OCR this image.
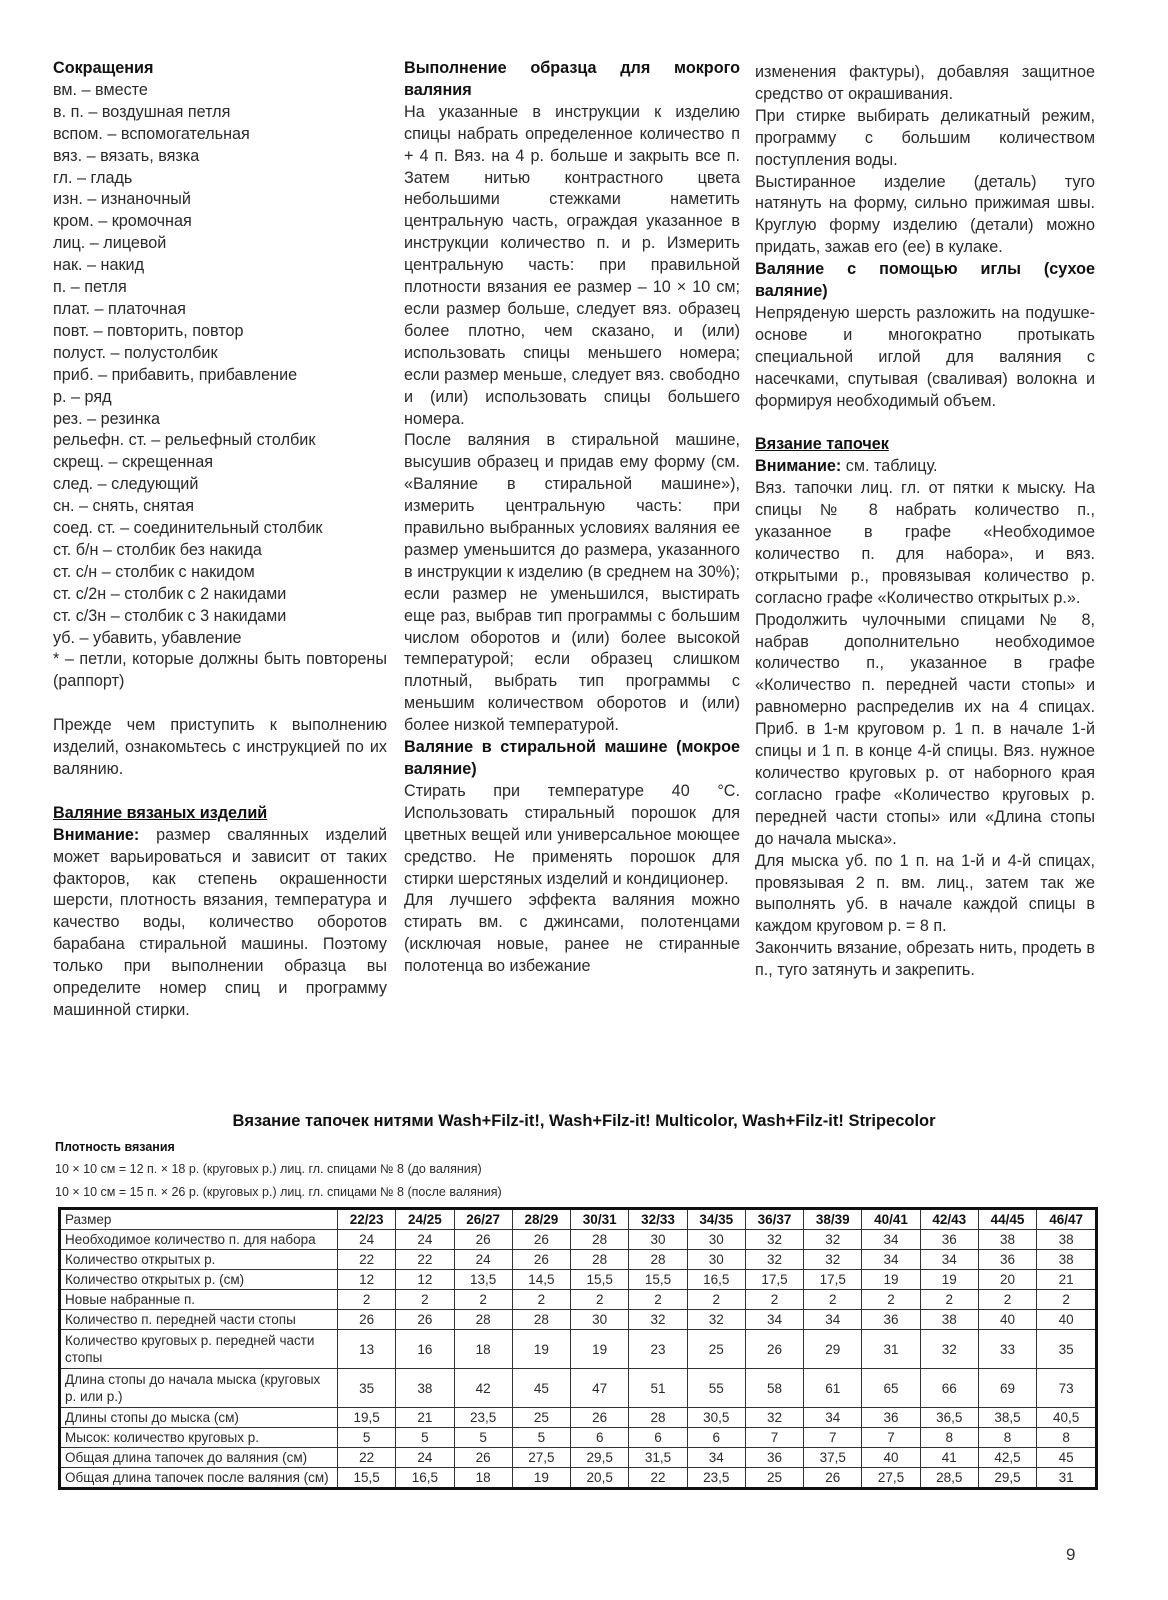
Сокращения

вм. – вместе

в. п. – воздушная петля

вспом. – вспомогательная

вяз. – вязать, вязка

гл. – гладь

изн. – изнаночный

кром. – кромочная

лиц. – лицевой

нак. – накид

п. – петля

плат. – платочная

повт. – повторить, повтор

полуст. – полустолбик

приб. – прибавить, прибавление

р. – ряд

рез. – резинка

рельефн. ст. – рельефный столбик

скрещ. – скрещенная

след. – следующий

сн. – снять, снятая

соед. ст. – соединительный столбик

ст. б/н – столбик без накида

ст. с/н – столбик с накидом

ст. с/2н – столбик с 2 накидами

ст. с/3н – столбик с 3 накидами

уб. – убавить, убавление

* – петли, которые должны быть повторены (раппорт)

Прежде чем приступить к выполнению изделий, ознакомьтесь с инструкцией по их валянию.

Валяние вязаных изделий

Внимание: размер свалянных изделий может варьироваться и зависит от таких факторов, как степень окрашенности шерсти, плотность вязания, температура и качество воды, количество оборотов барабана стиральной машины. Поэтому только при выполнении образца вы определите номер спиц и программу машинной стирки.

Выполнение образца для мокрого валяния

На указанные в инструкции к изделию спицы набрать определенное количество п + 4 п. Вяз. на 4 р. больше и закрыть все п. Затем нитью контрастного цвета небольшими стежками наметить центральную часть, ограждая указанное в инструкции количество п. и р. Измерить центральную часть: при правильной плотности вязания ее размер – 10 × 10 см; если размер больше, следует вяз. образец более плотно, чем сказано, и (или) использовать спицы меньшего номера; если размер меньше, следует вяз. свободно и (или) использовать спицы большего номера.

После валяния в стиральной машине, высушив образец и придав ему форму (см. «Валяние в стиральной машине»), измерить центральную часть: при правильно выбранных условиях валяния ее размер уменьшится до размера, указанного в инструкции к изделию (в среднем на 30%); если размер не уменьшился, выстирать еще раз, выбрав тип программы с большим числом оборотов и (или) более высокой температурой; если образец слишком плотный, выбрать тип программы с меньшим количеством оборотов и (или) более низкой температурой.

Валяние в стиральной машине (мокрое валяние)

Стирать при температуре 40 °С. Использовать стиральный порошок для цветных вещей или универсальное моющее средство. Не применять порошок для стирки шерстяных изделий и кондиционер.

Для лучшего эффекта валяния можно стирать вм. с джинсами, полотенцами (исключая новые, ранее не стиранные полотенца во избежание

изменения фактуры), добавляя защитное средство от окрашивания.

При стирке выбирать деликатный режим, программу с большим количеством поступления воды.

Выстиранное изделие (деталь) туго натянуть на форму, сильно прижимая швы. Круглую форму изделию (детали) можно придать, зажав его (ее) в кулаке.

Валяние с помощью иглы (сухое валяние)

Непряденую шерсть разложить на подушке-основе и многократно протыкать специальной иглой для валяния с насечками, спутывая (сваливая) волокна и формируя необходимый объем.

Вязание тапочек

Внимание: см. таблицу.

Вяз. тапочки лиц. гл. от пятки к мыску. На спицы № 8 набрать количество п., указанное в графе «Необходимое количество п. для набора», и вяз. открытыми р., провязывая количество р. согласно графе «Количество открытых р.».

Продолжить чулочными спицами № 8, набрав дополнительно необходимое количество п., указанное в графе «Количество п. передней части стопы» и равномерно распределив их на 4 спицах. Приб. в 1-м круговом р. 1 п. в начале 1-й спицы и 1 п. в конце 4-й спицы. Вяз. нужное количество круговых р. от наборного края согласно графе «Количество круговых р. передней части стопы» или «Длина стопы до начала мыска».

Для мыска уб. по 1 п. на 1-й и 4-й спицах, провязывая 2 п. вм. лиц., затем так же выполнять уб. в начале каждой спицы в каждом круговом р. = 8 п.

Закончить вязание, обрезать нить, продеть в п., туго затянуть и закрепить.

Вязание тапочек нитями Wash+Filz-it!, Wash+Filz-it! Multicolor, Wash+Filz-it! Stripecolor
Плотность вязания
10 × 10 см = 12 п. × 18 р. (круговых р.) лиц. гл. спицами № 8 (до валяния)
10 × 10 см = 15 п. × 26 р. (круговых р.) лиц. гл. спицами № 8 (после валяния)
Размер	22/23	24/25	26/27	28/29	30/31	32/33	34/35	36/37	38/39	40/41	42/43	44/45	46/47
Необходимое количество п. для набора	24	24	26	26	28	30	30	32	32	34	36	38	38
Количество открытых р.	22	22	24	26	28	28	30	32	32	34	34	36	38
Количество открытых р. (см)	12	12	13,5	14,5	15,5	15,5	16,5	17,5	17,5	19	19	20	21
Новые набранные п.	2	2	2	2	2	2	2	2	2	2	2	2	2
Количество п. передней части стопы	26	26	28	28	30	32	32	34	34	36	38	40	40
Количество круговых р. передней части стопы	13	16	18	19	19	23	25	26	29	31	32	33	35
Длина стопы до начала мыска (круговых р. или р.)	35	38	42	45	47	51	55	58	61	65	66	69	73
Длины стопы до мыска (см)	19,5	21	23,5	25	26	28	30,5	32	34	36	36,5	38,5	40,5
Мысок: количество круговых р.	5	5	5	5	6	6	6	7	7	7	8	8	8
Общая длина тапочек до валяния (см)	22	24	26	27,5	29,5	31,5	34	36	37,5	40	41	42,5	45
Общая длина тапочек после валяния (см)	15,5	16,5	18	19	20,5	22	23,5	25	26	27,5	28,5	29,5	31
9
